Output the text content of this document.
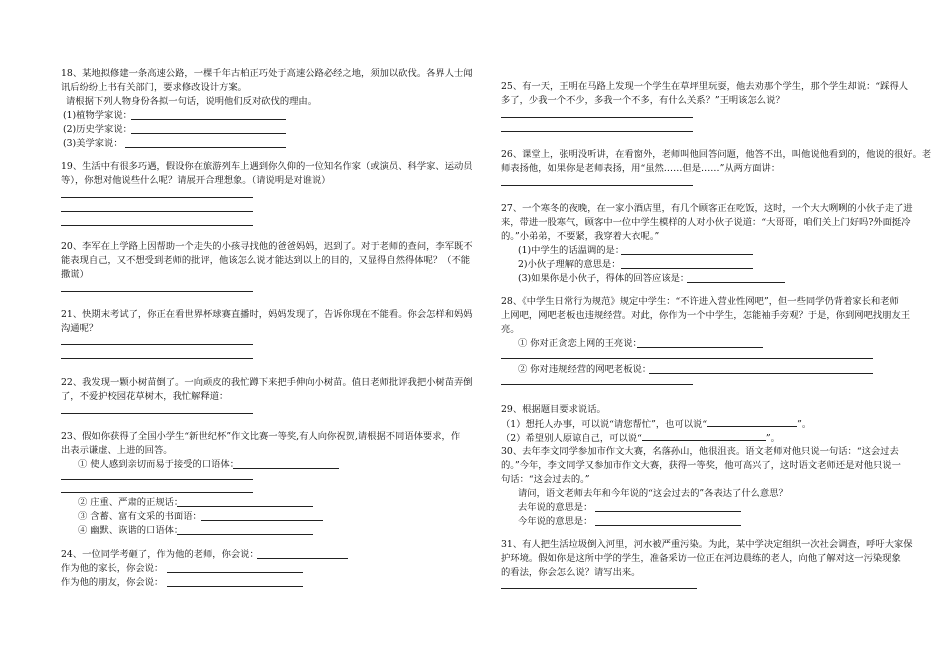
18、某地拟修建一条高速公路，一棵千年古柏正巧处于高速公路必经之地，须加以砍伐。各界人士闻
讯后纷纷上书有关部门，要求修改设计方案。
请根据下列人物身份各拟一句话，说明他们反对砍伐的理由。
(1)植物学家说：
(2)历史学家说：
(3)美学家说：
19、生活中有很多巧遇，假设你在旅游列车上遇到你久仰的一位知名作家（或演员、科学家、运动员
等），你想对他说些什么呢？请展开合理想象。（请说明是对谁说）
20、李军在上学路上因帮助一个走失的小孩寻找他的爸爸妈妈，迟到了。对于老师的查问，李军既不
能表现自己，又不想受到老师的批评，他该怎么说才能达到以上的目的，又显得自然得体呢？（不能
撒谎）
21、快期末考试了，你正在看世界杯球赛直播时，妈妈发现了，告诉你现在不能看。你会怎样和妈妈
沟通呢？
22、我发现一颗小树苗倒了。一向顽皮的我忙蹲下来把手伸向小树苗。值日老师批评我把小树苗弄倒
了，不爱护校园花草树木，我忙解释道：
23、假如你获得了全国小学生“新世纪杯”作文比赛一等奖,有人向你祝贺,请根据不同语体要求，作
出表示谦虚、上进的回答。
① 使人感到亲切而易于接受的口语体：
② 庄重、严肃的正规话：
③ 含蓄、富有文采的书面语：
④ 幽默、诙谐的口语体：
24、一位同学考砸了，作为他的老师，你会说：
作为他的家长，你会说：
作为他的朋友，你会说：
25、有一天，王明在马路上发现一个学生在草坪里玩耍，他去劝那个学生，那个学生却说：“踩得人
多了，少我一个不少，多我一个不多，有什么关系？”王明该怎么说？
26、课堂上，张明没听讲，在看窗外，老师叫他回答问题，他答不出，叫他说他看到的，他说的很好。老
师表扬他，如果你是老师表扬，用“虽然……但是……”从两方面讲：
27、一个寒冬的夜晚，在一家小酒店里，有几个顾客正在吃饭，这时，一个大大咧咧的小伙子走了进
来，带进一股寒气，顾客中一位中学生模样的人对小伙子说道：“大哥哥，咱们关上门好吗?外面挺冷
的。”小弟弟，不要紧，我穿着大衣呢。”
(1)中学生的话温调的是：
2)小伙子理解的意思是：
(3)如果你是小伙子，得体的回答应该是：
28、《中学生日常行为规范》规定中学生：“不许进入营业性网吧”，但一些同学仍背着家长和老师
上网吧，网吧老板也违规经营。对此，你作为一个中学生，怎能袖手旁观？于是，你到网吧找朋友王
亮。
① 你对正贪恋上网的王亮说：
② 你对违规经营的网吧老板说：
29、根据题目要求说话。
（1）想托人办事，可以说“请您帮忙”，也可以说“	”。
（2）希望别人原谅自己，可以说“	”。
30、去年李文同学参加市作文大赛，名落孙山，他很沮丧。语文老师对他只说一句话：“这会过去
的。”今年，李文同学又参加市作文大赛，获得一等奖，他可高兴了，这时语文老师还是对他只说一
句话：“这会过去的。”
请问，语文老师去年和今年说的“这会过去的”各表达了什么意思？
去年说的意思是：
今年说的意思是：
31、有人把生活垃圾倒入河里，河水被严重污染。为此，某中学决定组织一次社会调查，呼吁大家保
护环境。假如你是这所中学的学生，准备采访一位正在河边晨练的老人，向他了解对这一污染现象
的看法，你会怎么说？请写出来。
